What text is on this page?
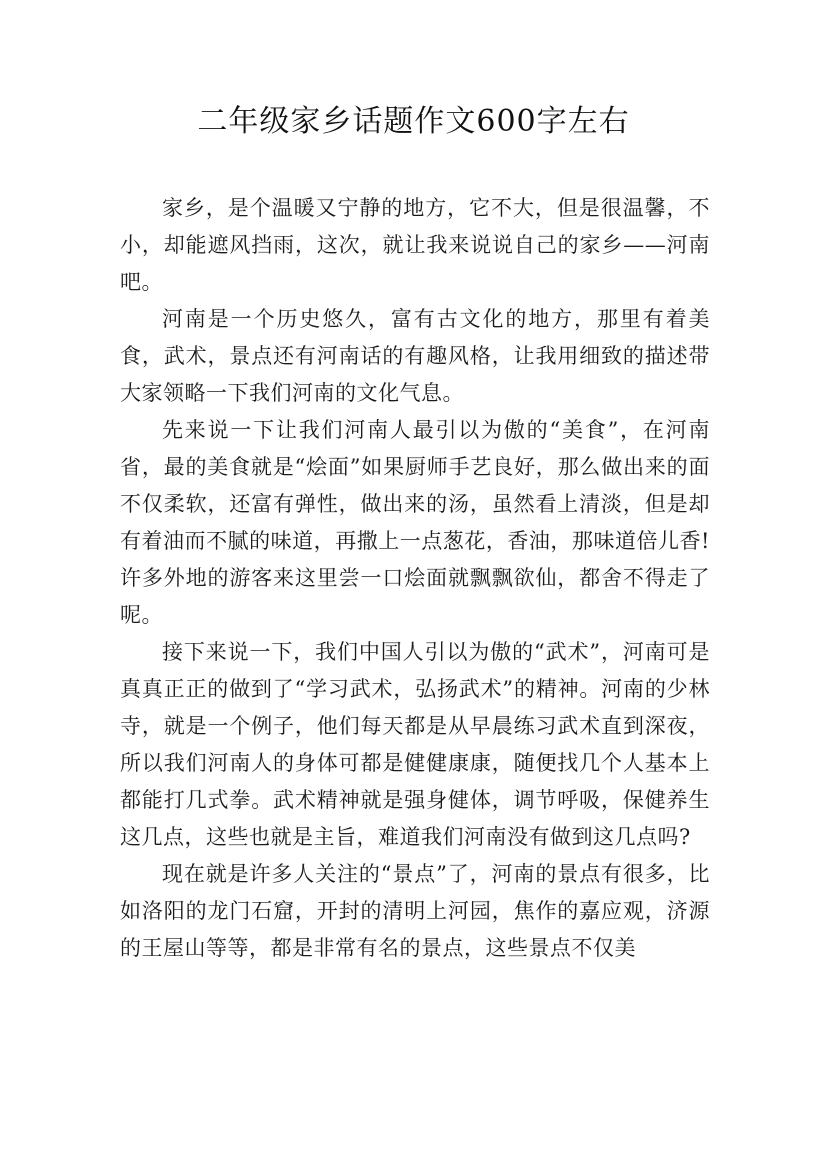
二年级家乡话题作文600字左右

家乡，是个温暖又宁静的地方，它不大，但是很温馨，不小，却能遮风挡雨，这次，就让我来说说自己的家乡——河南吧。

河南是一个历史悠久，富有古文化的地方，那里有着美食，武术，景点还有河南话的有趣风格，让我用细致的描述带大家领略一下我们河南的文化气息。

先来说一下让我们河南人最引以为傲的“美食”，在河南省，最的美食就是“烩面”如果厨师手艺良好，那么做出来的面不仅柔软，还富有弹性，做出来的汤，虽然看上清淡，但是却有着油而不腻的味道，再撒上一点葱花，香油，那味道倍儿香!许多外地的游客来这里尝一口烩面就飘飘欲仙，都舍不得走了呢。

接下来说一下，我们中国人引以为傲的“武术”，河南可是真真正正的做到了“学习武术，弘扬武术”的精神。河南的少林寺，就是一个例子，他们每天都是从早晨练习武术直到深夜，所以我们河南人的身体可都是健健康康，随便找几个人基本上都能打几式拳。武术精神就是强身健体，调节呼吸，保健养生这几点，这些也就是主旨，难道我们河南没有做到这几点吗?

现在就是许多人关注的“景点”了，河南的景点有很多，比如洛阳的龙门石窟，开封的清明上河园，焦作的嘉应观，济源的王屋山等等，都是非常有名的景点，这些景点不仅美
